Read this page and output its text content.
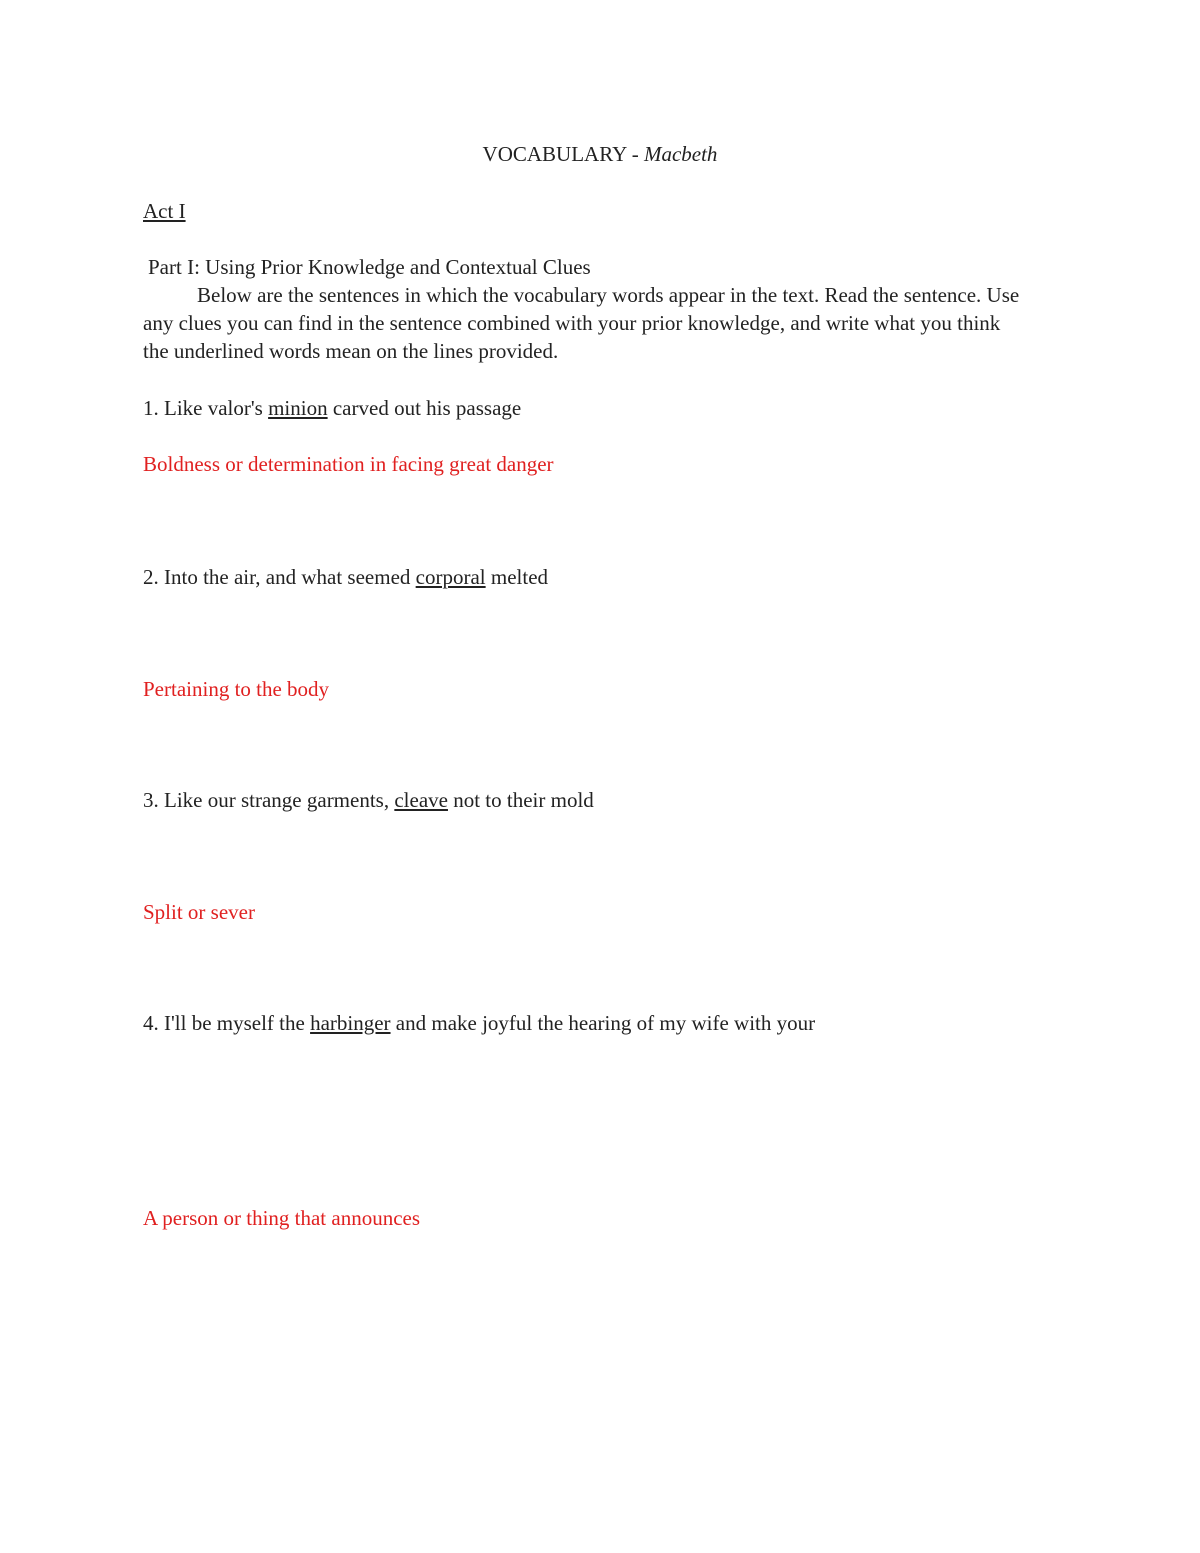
VOCABULARY - Macbeth
Act I
Part I: Using Prior Knowledge and Contextual Clues
Below are the sentences in which the vocabulary words appear in the text. Read the sentence. Use any clues you can find in the sentence combined with your prior knowledge, and write what you think the underlined words mean on the lines provided.
1. Like valor's minion carved out his passage
Boldness or determination in facing great danger
2. Into the air, and what seemed corporal melted
Pertaining to the body
3. Like our strange garments, cleave not to their mold
Split or sever
4. I'll be myself the harbinger and make joyful the hearing of my wife with your
A person or thing that announces
